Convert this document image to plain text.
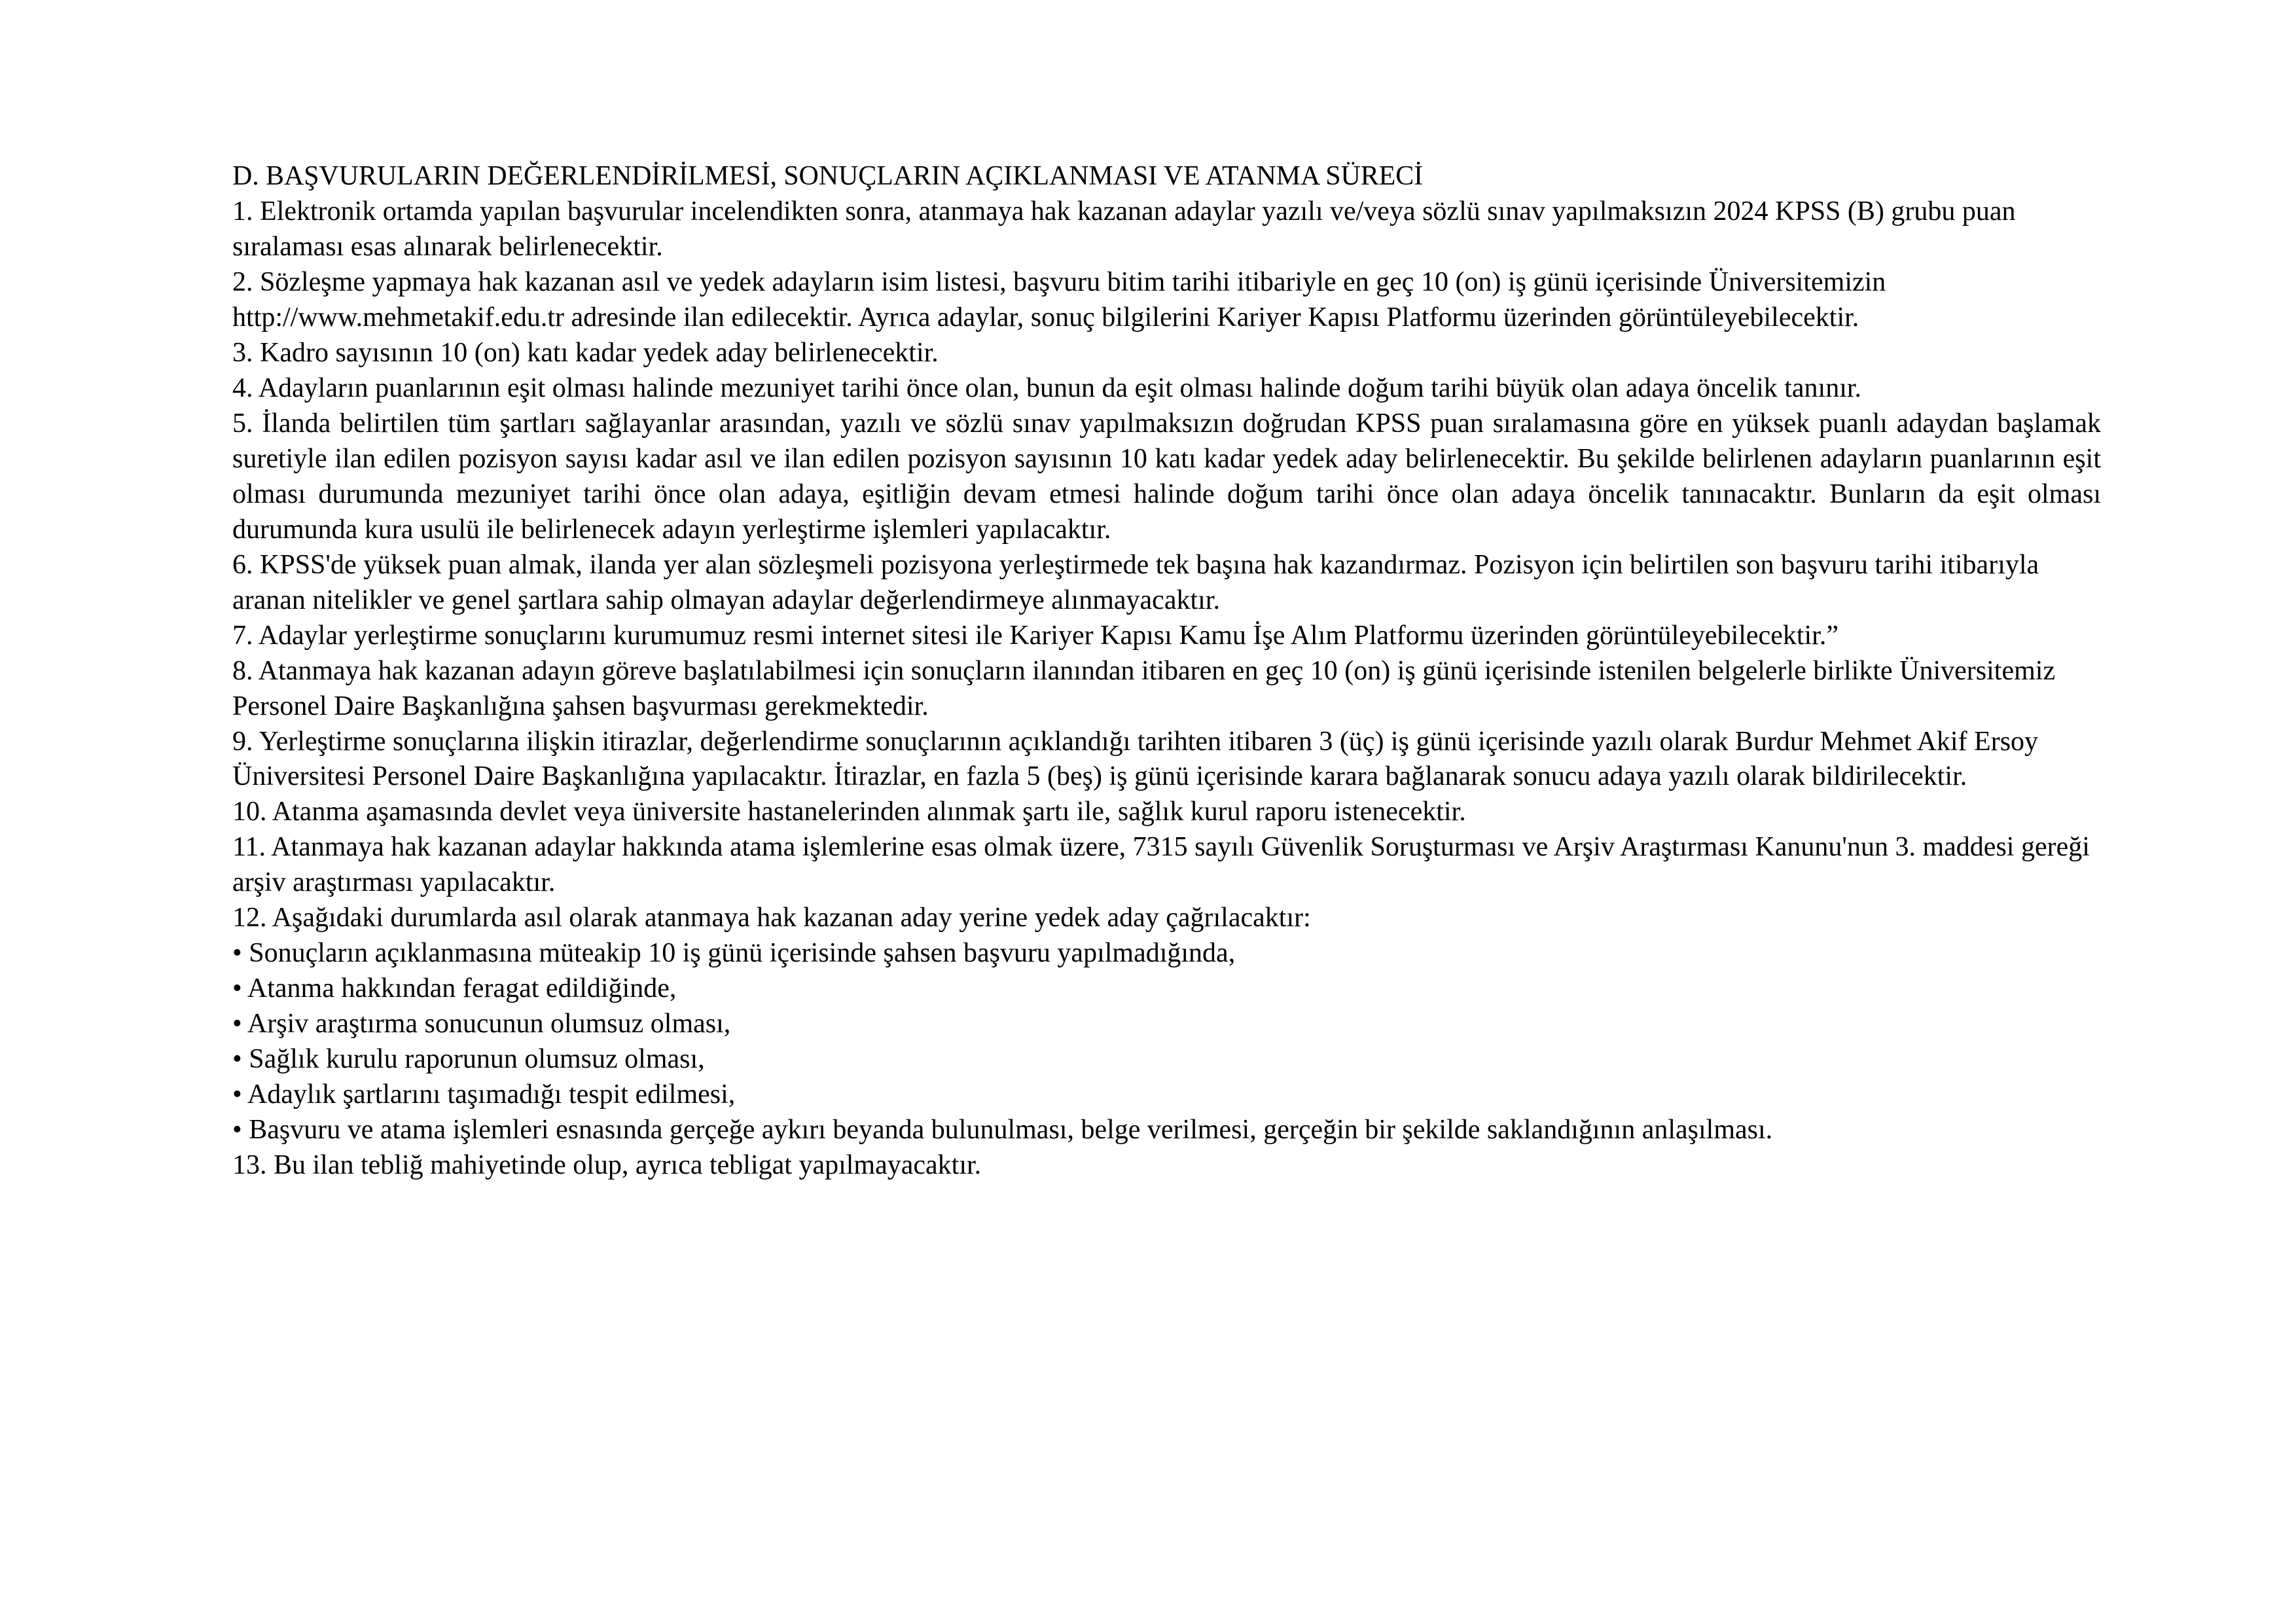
D. BAŞVURULARIN DEĞERLENDİRİLMESİ, SONUÇLARIN AÇIKLANMASI VE ATANMA SÜRECİ

1. Elektronik ortamda yapılan başvurular incelendikten sonra, atanmaya hak kazanan adaylar yazılı ve/veya sözlü sınav yapılmaksızın 2024 KPSS (B) grubu puan sıralaması esas alınarak belirlenecektir.

2. Sözleşme yapmaya hak kazanan asıl ve yedek adayların isim listesi, başvuru bitim tarihi itibariyle en geç 10 (on) iş günü içerisinde Üniversitemizin http://www.mehmetakif.edu.tr adresinde ilan edilecektir. Ayrıca adaylar, sonuç bilgilerini Kariyer Kapısı Platformu üzerinden görüntüleyebilecektir.

3. Kadro sayısının 10 (on) katı kadar yedek aday belirlenecektir.

4. Adayların puanlarının eşit olması halinde mezuniyet tarihi önce olan, bunun da eşit olması halinde doğum tarihi büyük olan adaya öncelik tanınır.

5. İlanda belirtilen tüm şartları sağlayanlar arasından, yazılı ve sözlü sınav yapılmaksızın doğrudan KPSS puan sıralamasına göre en yüksek puanlı adaydan başlamak suretiyle ilan edilen pozisyon sayısı kadar asıl ve ilan edilen pozisyon sayısının 10 katı kadar yedek aday belirlenecektir. Bu şekilde belirlenen adayların puanlarının eşit olması durumunda mezuniyet tarihi önce olan adaya, eşitliğin devam etmesi halinde doğum tarihi önce olan adaya öncelik tanınacaktır. Bunların da eşit olması durumunda kura usulü ile belirlenecek adayın yerleştirme işlemleri yapılacaktır.

6. KPSS'de yüksek puan almak, ilanda yer alan sözleşmeli pozisyona yerleştirmede tek başına hak kazandırmaz. Pozisyon için belirtilen son başvuru tarihi itibarıyla aranan nitelikler ve genel şartlara sahip olmayan adaylar değerlendirmeye alınmayacaktır.

7. Adaylar yerleştirme sonuçlarını kurumumuz resmi internet sitesi ile Kariyer Kapısı Kamu İşe Alım Platformu üzerinden görüntüleyebilecektir.”

8. Atanmaya hak kazanan adayın göreve başlatılabilmesi için sonuçların ilanından itibaren en geç 10 (on) iş günü içerisinde istenilen belgelerle birlikte Üniversitemiz Personel Daire Başkanlığına şahsen başvurması gerekmektedir.

9. Yerleştirme sonuçlarına ilişkin itirazlar, değerlendirme sonuçlarının açıklandığı tarihten itibaren 3 (üç) iş günü içerisinde yazılı olarak Burdur Mehmet Akif Ersoy Üniversitesi Personel Daire Başkanlığına yapılacaktır. İtirazlar, en fazla 5 (beş) iş günü içerisinde karara bağlanarak sonucu adaya yazılı olarak bildirilecektir.

10. Atanma aşamasında devlet veya üniversite hastanelerinden alınmak şartı ile, sağlık kurul raporu istenecektir.

11. Atanmaya hak kazanan adaylar hakkında atama işlemlerine esas olmak üzere, 7315 sayılı Güvenlik Soruşturması ve Arşiv Araştırması Kanunu'nun 3. maddesi gereği arşiv araştırması yapılacaktır.

12. Aşağıdaki durumlarda asıl olarak atanmaya hak kazanan aday yerine yedek aday çağrılacaktır:

• Sonuçların açıklanmasına müteakip 10 iş günü içerisinde şahsen başvuru yapılmadığında,

• Atanma hakkından feragat edildiğinde,

• Arşiv araştırma sonucunun olumsuz olması,

• Sağlık kurulu raporunun olumsuz olması,

• Adaylık şartlarını taşımadığı tespit edilmesi,

• Başvuru ve atama işlemleri esnasında gerçeğe aykırı beyanda bulunulması, belge verilmesi, gerçeğin bir şekilde saklandığının anlaşılması.

13. Bu ilan tebliğ mahiyetinde olup, ayrıca tebligat yapılmayacaktır.
